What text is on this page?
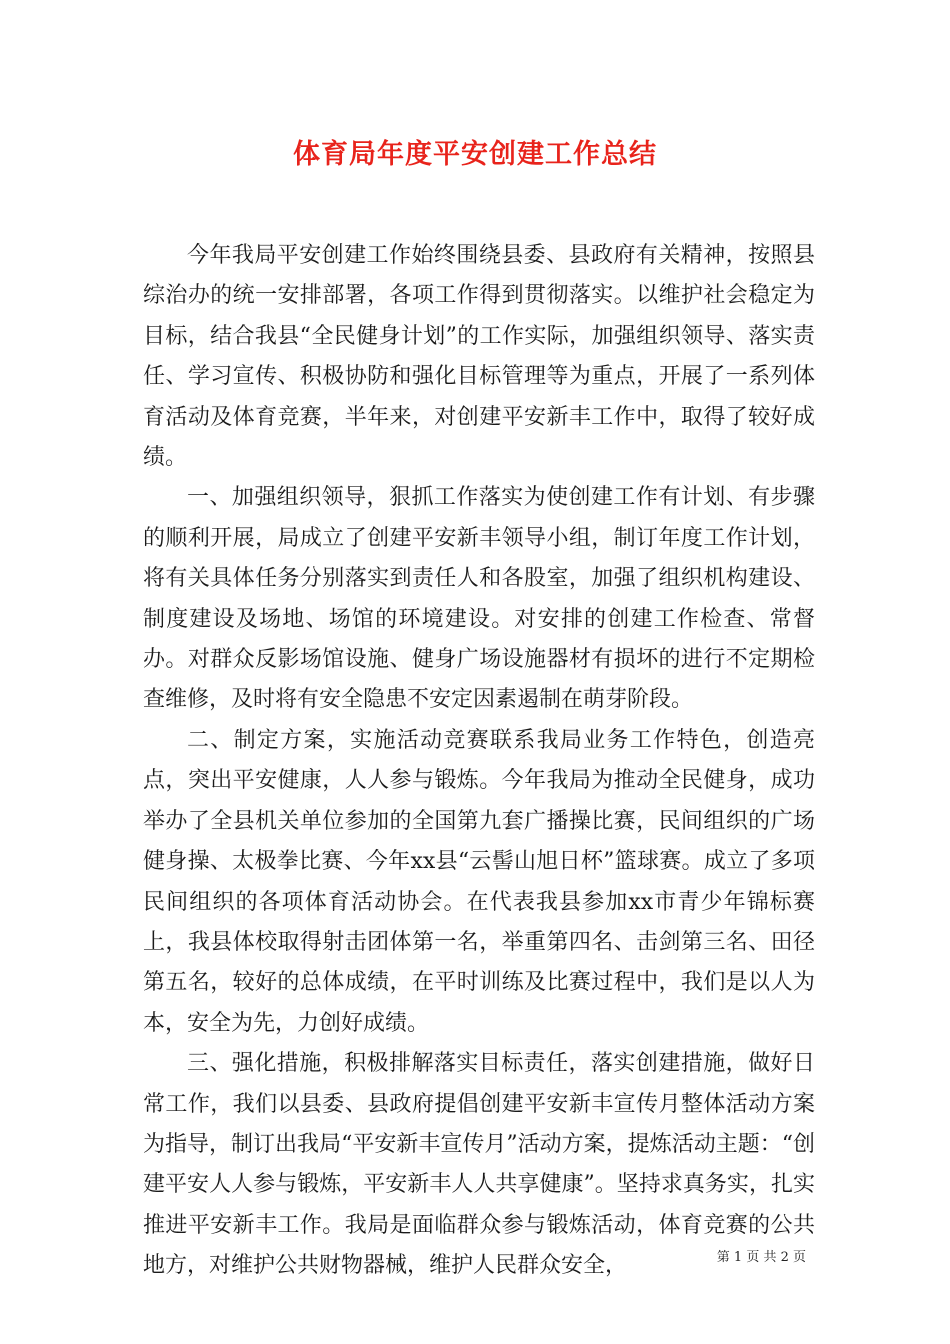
体育局年度平安创建工作总结

今年我局平安创建工作始终围绕县委、县政府有关精神，按照县综治办的统一安排部署，各项工作得到贯彻落实。以维护社会稳定为目标，结合我县“全民健身计划”的工作实际，加强组织领导、落实责任、学习宣传、积极协防和强化目标管理等为重点，开展了一系列体育活动及体育竞赛，半年来，对创建平安新丰工作中，取得了较好成绩。

一、加强组织领导，狠抓工作落实为使创建工作有计划、有步骤的顺利开展，局成立了创建平安新丰领导小组，制订年度工作计划，将有关具体任务分别落实到责任人和各股室，加强了组织机构建设、制度建设及场地、场馆的环境建设。对安排的创建工作检查、常督办。对群众反影场馆设施、健身广场设施器材有损坏的进行不定期检查维修，及时将有安全隐患不安定因素遏制在萌芽阶段。

二、制定方案，实施活动竞赛联系我局业务工作特色，创造亮点，突出平安健康，人人参与锻炼。今年我局为推动全民健身，成功举办了全县机关单位参加的全国第九套广播操比赛，民间组织的广场健身操、太极拳比赛、今年xx县“云髻山旭日杯”篮球赛。成立了多项民间组织的各项体育活动协会。在代表我县参加xx市青少年锦标赛上，我县体校取得射击团体第一名，举重第四名、击剑第三名、田径第五名，较好的总体成绩，在平时训练及比赛过程中，我们是以人为本，安全为先，力创好成绩。

三、强化措施，积极排解落实目标责任，落实创建措施，做好日常工作，我们以县委、县政府提倡创建平安新丰宣传月整体活动方案为指导，制订出我局“平安新丰宣传月”活动方案，提炼活动主题：“创建平安人人参与锻炼，平安新丰人人共享健康”。坚持求真务实，扎实推进平安新丰工作。我局是面临群众参与锻炼活动，体育竞赛的公共地方，对维护公共财物器械，维护人民群众安全，	第 1 页 共 2 页
